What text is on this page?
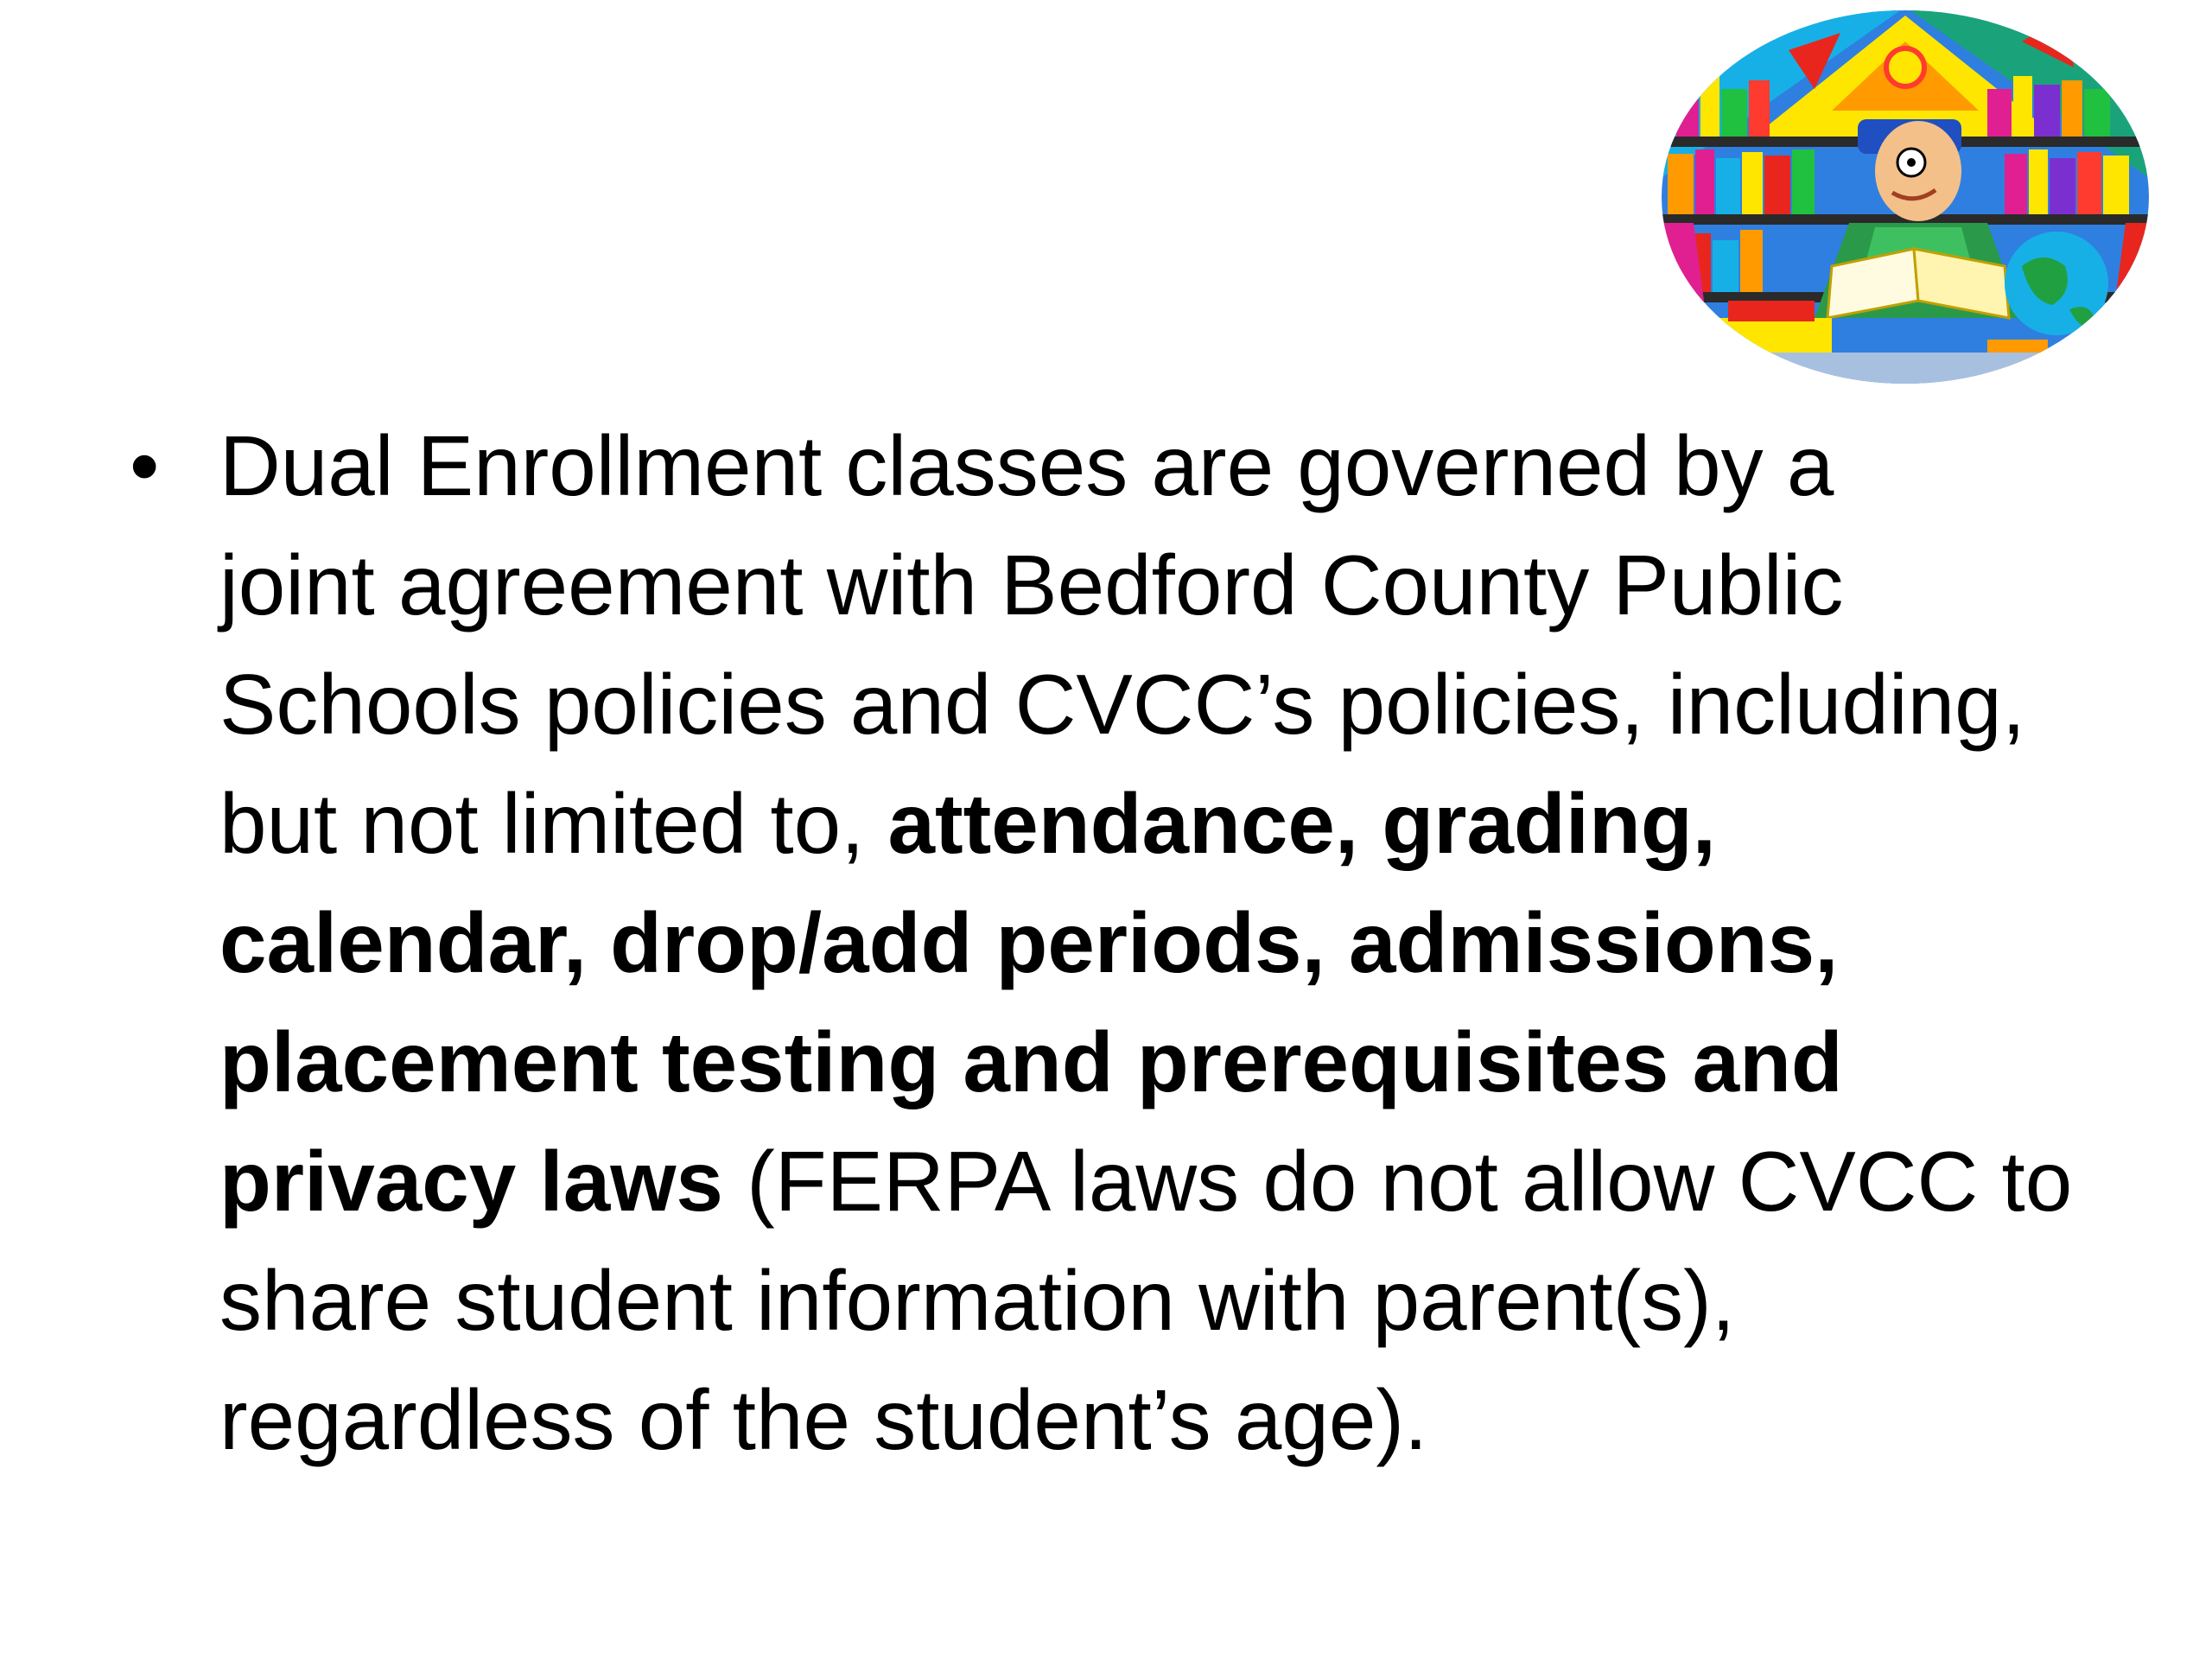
• Dual Enrollment classes are governed by a
joint agreement with Bedford County Public
Schools policies and CVCC’s policies, including,
but not limited to, attendance, grading,
calendar, drop/add periods, admissions,
placement testing and prerequisites and
privacy laws (FERPA laws do not allow CVCC to
share student information with parent(s),
regardless of the student’s age).
